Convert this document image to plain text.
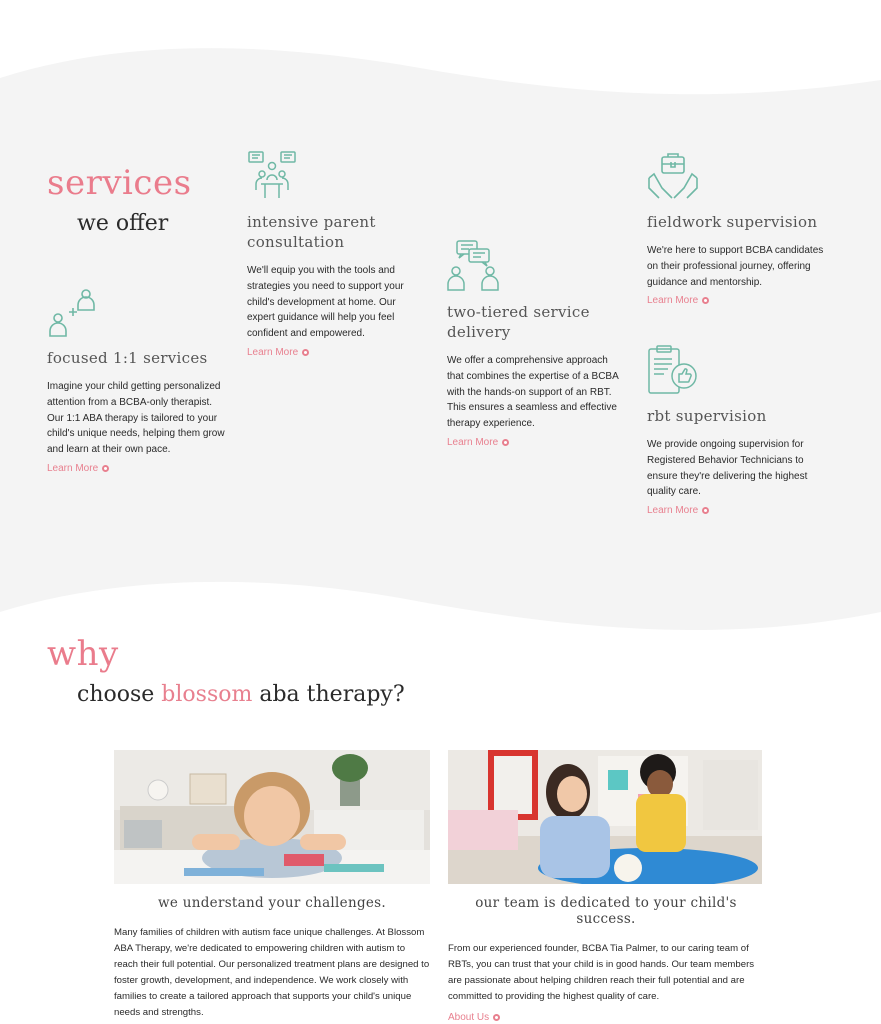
services
we offer
focused 1:1 services

Imagine your child getting personalized attention from a BCBA-only therapist. Our 1:1 ABA therapy is tailored to your child's unique needs, helping them grow and learn at their own pace.

Learn More
intensive parent consultation

We'll equip you with the tools and strategies you need to support your child's development at home. Our expert guidance will help you feel confident and empowered.

Learn More
two-tiered service delivery

We offer a comprehensive approach that combines the expertise of a BCBA with the hands-on support of an RBT. This ensures a seamless and effective therapy experience.

Learn More
fieldwork supervision

We're here to support BCBA candidates on their professional journey, offering guidance and mentorship.

Learn More
rbt supervision

We provide ongoing supervision for Registered Behavior Technicians to ensure they're delivering the highest quality care.

Learn More
why
choose blossom aba therapy?
we understand your challenges.

Many families of children with autism face unique challenges. At Blossom ABA Therapy, we're dedicated to empowering children with autism to reach their full potential. Our personalized treatment plans are designed to foster growth, development, and independence. We work closely with families to create a tailored approach that supports your child's unique needs and strengths.

our team is dedicated to your child's success.

From our experienced founder, BCBA Tia Palmer, to our caring team of RBTs, you can trust that your child is in good hands. Our team members are passionate about helping children reach their full potential and are committed to providing the highest quality of care.

About Us
